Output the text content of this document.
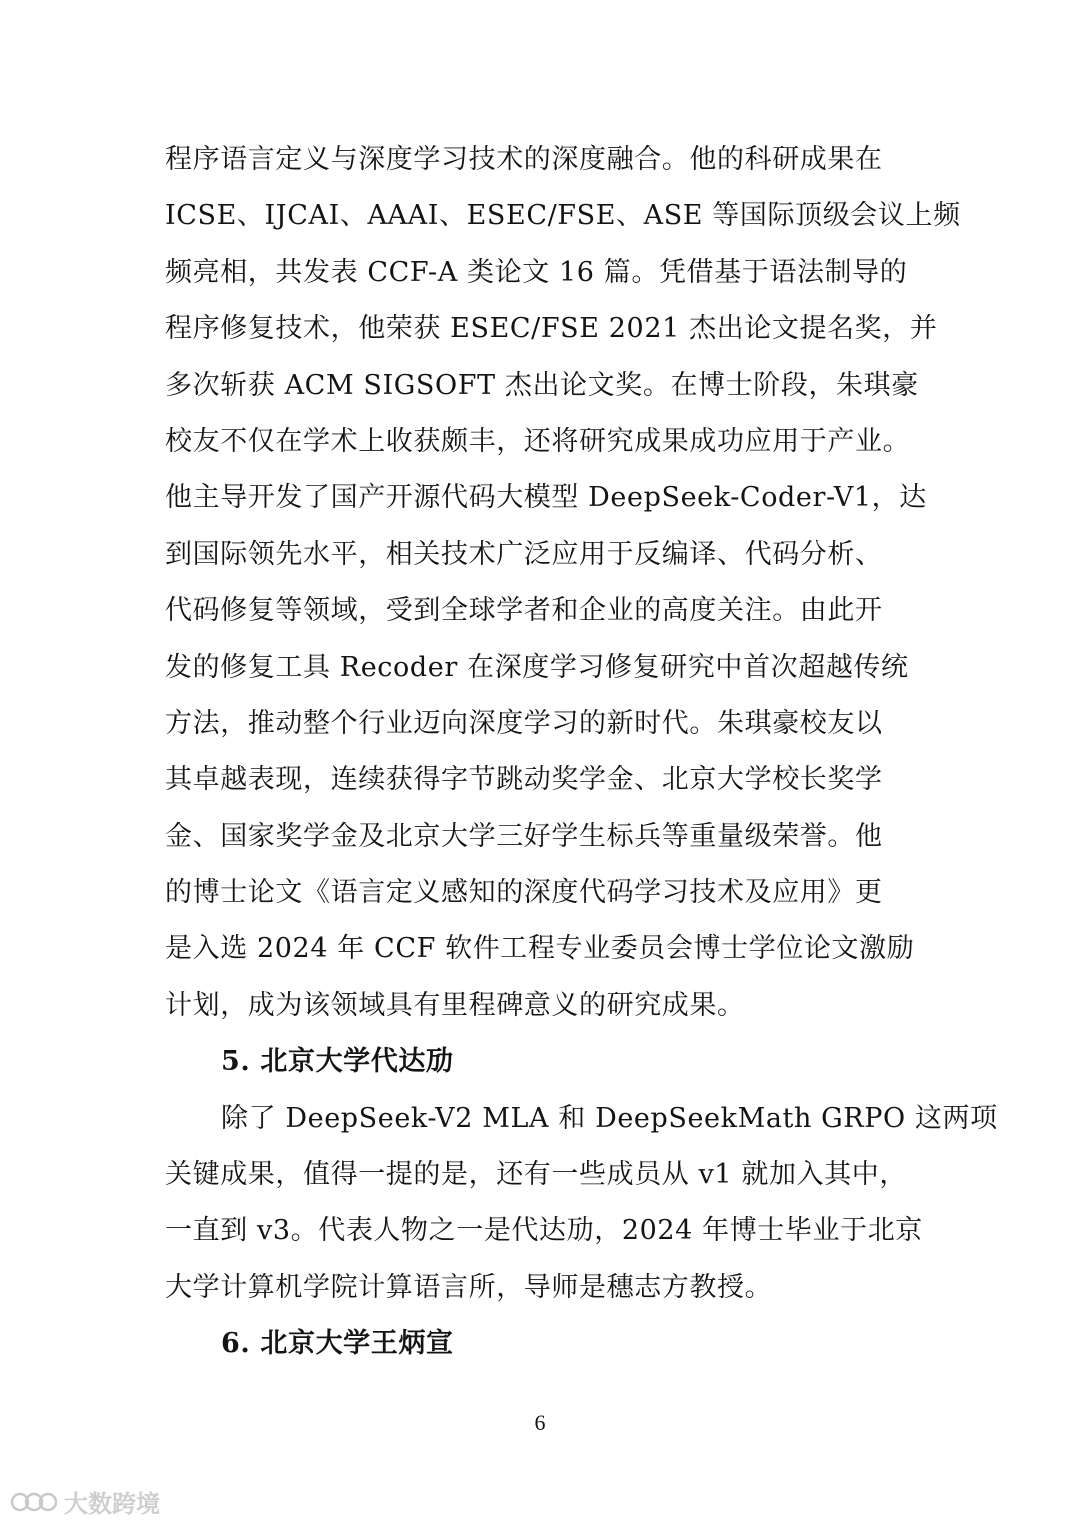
程序语言定义与深度学习技术的深度融合。他的科研成果在
ICSE、IJCAI、AAAI、ESEC/FSE、ASE 等国际顶级会议上频
频亮相，共发表 CCF-A 类论文 16 篇。凭借基于语法制导的
程序修复技术，他荣获 ESEC/FSE 2021 杰出论文提名奖，并
多次斩获 ACM SIGSOFT 杰出论文奖。在博士阶段，朱琪豪
校友不仅在学术上收获颇丰，还将研究成果成功应用于产业。
他主导开发了国产开源代码大模型 DeepSeek-Coder-V1，达
到国际领先水平，相关技术广泛应用于反编译、代码分析、
代码修复等领域，受到全球学者和企业的高度关注。由此开
发的修复工具 Recoder 在深度学习修复研究中首次超越传统
方法，推动整个行业迈向深度学习的新时代。朱琪豪校友以
其卓越表现，连续获得字节跳动奖学金、北京大学校长奖学
金、国家奖学金及北京大学三好学生标兵等重量级荣誉。他
的博士论文《语言定义感知的深度代码学习技术及应用》更
是入选 2024 年 CCF 软件工程专业委员会博士学位论文激励
计划，成为该领域具有里程碑意义的研究成果。
5. 北京大学代达劢
除了 DeepSeek-V2 MLA 和 DeepSeekMath GRPO 这两项
关键成果，值得一提的是，还有一些成员从 v1 就加入其中，
一直到 v3。代表人物之一是代达劢，2024 年博士毕业于北京
大学计算机学院计算语言所，导师是穗志方教授。
6. 北京大学王炳宣
6
大数跨境
